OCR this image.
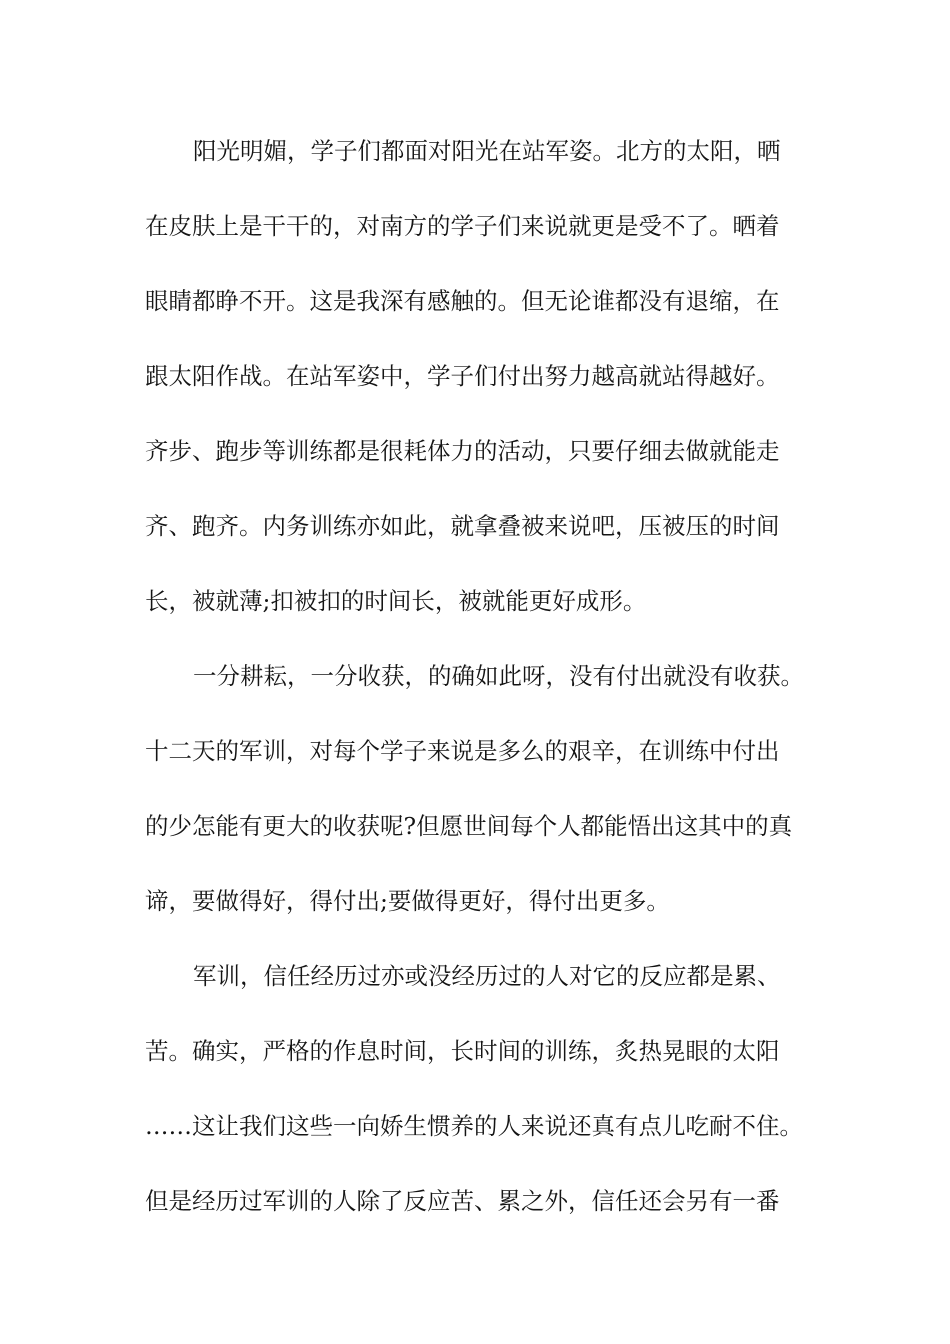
阳光明媚，学子们都面对阳光在站军姿。北方的太阳，晒
在皮肤上是干干的，对南方的学子们来说就更是受不了。晒着
眼睛都睁不开。这是我深有感触的。但无论谁都没有退缩，在
跟太阳作战。在站军姿中，学子们付出努力越高就站得越好。
齐步、跑步等训练都是很耗体力的活动，只要仔细去做就能走
齐、跑齐。内务训练亦如此，就拿叠被来说吧，压被压的时间
长，被就薄;扣被扣的时间长，被就能更好成形。
一分耕耘，一分收获，的确如此呀，没有付出就没有收获。
十二天的军训，对每个学子来说是多么的艰辛，在训练中付出
的少怎能有更大的收获呢?但愿世间每个人都能悟出这其中的真
谛，要做得好，得付出;要做得更好，得付出更多。
军训，信任经历过亦或没经历过的人对它的反应都是累、
苦。确实，严格的作息时间，长时间的训练，炙热晃眼的太阳
……这让我们这些一向娇生惯养的人来说还真有点儿吃耐不住。
但是经历过军训的人除了反应苦、累之外，信任还会另有一番
